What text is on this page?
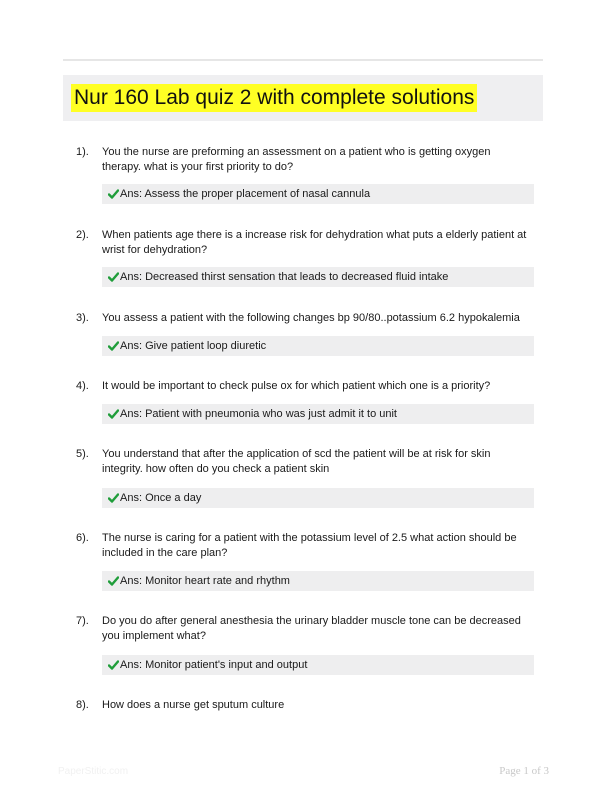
Nur 160 Lab quiz 2 with complete solutions
1). You the nurse are preforming an assessment on a patient who is getting oxygen therapy. what is your first priority to do?
Ans: Assess the proper placement of nasal cannula
2). When patients age there is a increase risk for dehydration what puts a elderly patient at wrist for dehydration?
Ans: Decreased thirst sensation that leads to decreased fluid intake
3). You assess a patient with the following changes bp 90/80..potassium 6.2 hypokalemia
Ans: Give patient loop diuretic
4). It would be important to check pulse ox for which patient which one is a priority?
Ans: Patient with pneumonia who was just admit it to unit
5). You understand that after the application of scd the patient will be at risk for skin integrity. how often do you check a patient skin
Ans: Once a day
6). The nurse is caring for a patient with the potassium level of 2.5 what action should be included in the care plan?
Ans: Monitor heart rate and rhythm
7). Do you do after general anesthesia the urinary bladder muscle tone can be decreased you implement what?
Ans: Monitor patient's input and output
8). How does a nurse get sputum culture
PaperStitic.com	Page 1 of 3
